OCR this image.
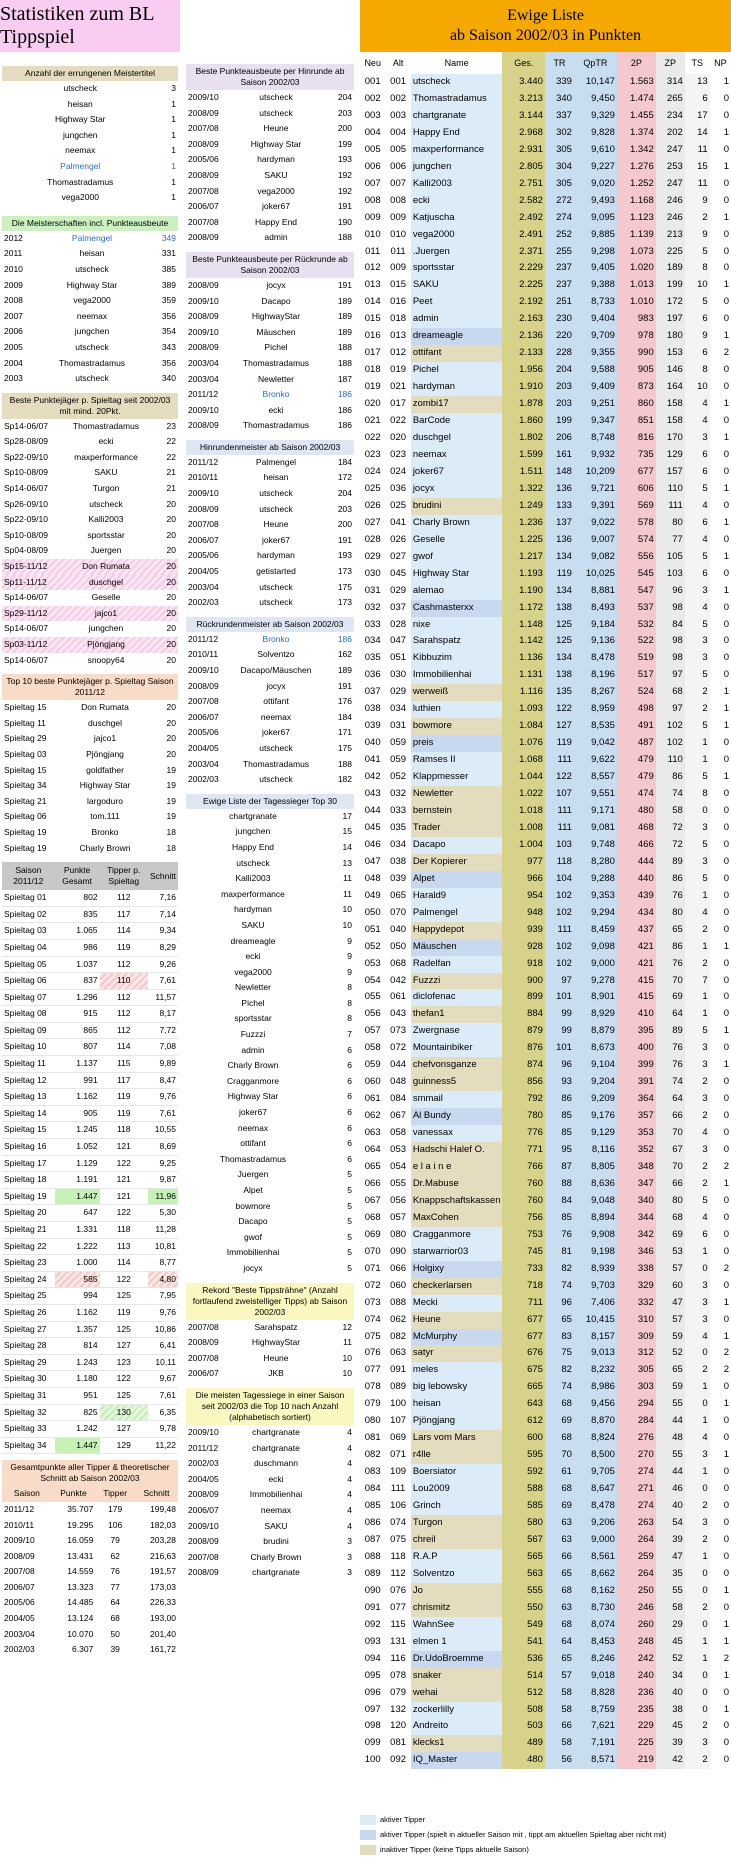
Statistiken zum BL Tippspiel
Anzahl der errungenen Meistertitel
utscheck	3
heisan	1
Highway Star	1
jungchen	1
neemax	1
Palmengel	1
Thomastradamus	1
vega2000	1
Die Meisterschaften incl. Punkteausbeute
2012	Palmengel	349
2011	heisan	331
2010	utscheck	385
2009	Highway Star	389
2008	vega2000	359
2007	neemax	356
2006	jungchen	354
2005	utscheck	343
2004	Thomastradamus	356
2003	utscheck	340
Beste Punktejäger p. Spieltag seit 2002/03 mit mind. 20Pkt.
Sp14-06/07	Thomastradamus	23
Sp28-08/09	ecki	22
Sp22-09/10	maxperformance	22
Sp10-08/09	SAKU	21
Sp14-06/07	Turgon	21
Sp26-09/10	utscheck	20
Sp22-09/10	Kalli2003	20
Sp10-08/09	sportsstar	20
Sp04-08/09	Juergen	20
Sp15-11/12	Don Rumata	20
Sp11-11/12	duschgel	20
Sp14-06/07	Geselle	20
Sp29-11/12	jajco1	20
Sp14-06/07	jungchen	20
Sp03-11/12	Pjöngjang	20
Sp14-06/07	snoopy64	20
Top 10 beste Punktejäger p. Spieltag Saison 2011/12
Spieltag 15	Don Rumata	20
Spieltag 11	duschgel	20
Spieltag 29	jajco1	20
Spieltag 03	Pjöngjang	20
Spieltag 15	goldfather	19
Spieltag 34	Highway Star	19
Spieltag 21	largoduro	19
Spieltag 06	tom.111	19
Spieltag 19	Bronko	18
Spieltag 19	Charly Brown	18
Saison 2011/12	Punkte Gesamt	Tipper p. Spieltag	Schnitt
Spieltag 01	802	112	7,16
Spieltag 02	835	117	7,14
Spieltag 03	1.065	114	9,34
Spieltag 04	986	119	8,29
Spieltag 05	1.037	112	9,26
Spieltag 06	837	110	7,61
Spieltag 07	1.296	112	11,57
Spieltag 08	915	112	8,17
Spieltag 09	865	112	7,72
Spieltag 10	807	114	7,08
Spieltag 11	1.137	115	9,89
Spieltag 12	991	117	8,47
Spieltag 13	1.162	119	9,76
Spieltag 14	905	119	7,61
Spieltag 15	1.245	118	10,55
Spieltag 16	1.052	121	8,69
Spieltag 17	1.129	122	9,25
Spieltag 18	1.191	121	9,87
Spieltag 19	1.447	121	11,96
Spieltag 20	647	122	5,30
Spieltag 21	1.331	118	11,28
Spieltag 22	1.222	113	10,81
Spieltag 23	1.000	114	8,77
Spieltag 24	585	122	4,80
Spieltag 25	994	125	7,95
Spieltag 26	1.162	119	9,76
Spieltag 27	1.357	125	10,86
Spieltag 28	814	127	6,41
Spieltag 29	1.243	123	10,11
Spieltag 30	1.180	122	9,67
Spieltag 31	951	125	7,61
Spieltag 32	825	130	6,35
Spieltag 33	1.242	127	9,78
Spieltag 34	1.447	129	11,22
Gesamtpunkte aller Tipper & theoretischer Schnitt ab Saison 2002/03
Saison	Punkte	Tipper	Schnitt
2011/12	35.707	179	199,48
2010/11	19.295	106	182,03
2009/10	16.059	79	203,28
2008/09	13.431	62	216,63
2007/08	14.559	76	191,57
2006/07	13.323	77	173,03
2005/06	14.485	64	226,33
2004/05	13.124	68	193,00
2003/04	10.070	50	201,40
2002/03	6.307	39	161,72
Beste Punkteausbeute per Hinrunde ab Saison 2002/03
2009/10	utscheck	204
2008/09	utscheck	203
2007/08	Heune	200
2008/09	Highway Star	199
2005/06	hardyman	193
2008/09	SAKU	192
2007/08	vega2000	192
2006/07	joker67	191
2007/08	Happy End	190
2008/09	admin	188
Beste Punkteausbeute per Rückrunde ab Saison 2002/03
2008/09	jocyx	191
2009/10	Dacapo	189
2008/09	HighwayStar	189
2009/10	Mäuschen	189
2008/09	Pichel	188
2003/04	Thomastradamus	188
2003/04	Newletter	187
2011/12	Bronko	186
2009/10	ecki	186
2008/09	Thomastradamus	186
Hinrundenmeister ab Saison 2002/03
2011/12	Palmengel	184
2010/11	heisan	172
2009/10	utscheck	204
2008/09	utscheck	203
2007/08	Heune	200
2006/07	joker67	191
2005/06	hardyman	193
2004/05	getistarted	173
2003/04	utscheck	175
2002/03	utscheck	173
Rückrundenmeister ab Saison 2002/03
2011/12	Bronko	186
2010/11	Solventzo	162
2009/10	Dacapo/Mäuschen	189
2008/09	jocyx	191
2007/08	ottifant	176
2006/07	neemax	184
2005/06	joker67	171
2004/05	utscheck	175
2003/04	Thomastradamus	188
2002/03	utscheck	182
Ewige Liste der Tagessieger Top 30
chartgranate	17
jungchen	15
Happy End	14
utscheck	13
Kalli2003	11
maxperformance	11
hardyman	10
SAKU	10
dreameagle	9
ecki	9
vega2000	9
Newletter	8
Pichel	8
sportsstar	8
Fuzzzi	7
admin	6
Charly Brown	6
Cragganmore	6
Highway Star	6
joker67	6
neemax	6
ottifant	6
Thomastradamus	6
Juergen	5
Alpet	5
bowmore	5
Dacapo	5
gwof	5
Immobilienhai	5
jocyx	5
Rekord "Beste Tippsträhne" (Anzahl fortlaufend zweistelliger Tipps) ab Saison 2002/03
2007/08	Sarahspatz	12
2008/09	HighwayStar	11
2007/08	Heune	10
2006/07	JKB	10
Die meisten Tagessiege in einer Saison seit 2002/03 die Top 10 nach Anzahl (alphabetisch sortiert)
2009/10	chartgranate	4
2011/12	chartgranate	4
2002/03	duschmann	4
2004/05	ecki	4
2008/09	Immobilienhai	4
2006/07	neemax	4
2009/10	SAKU	4
2008/09	brudini	3
2007/08	Charly Brown	3
2008/09	chartgranate	3
Ewige Liste
ab Saison 2002/03 in Punkten
Neu	Alt	Name	Ges.	TR	QpTR	2P	ZP	TS	NP
001	001	utscheck	3.440	339	10,147	1.563	314	13	1
002	002	Thomastradamus	3.213	340	9,450	1.474	265	6	0
003	003	chartgranate	3.144	337	9,329	1.455	234	17	0
004	004	Happy End	2.968	302	9,828	1.374	202	14	1
005	005	maxperformance	2.931	305	9,610	1.342	247	11	0
006	006	jungchen	2.805	304	9,227	1.276	253	15	1
007	007	Kalli2003	2.751	305	9,020	1.252	247	11	0
008	008	ecki	2.582	272	9,493	1.168	246	9	0
009	009	Katjuscha	2.492	274	9,095	1.123	246	2	1
010	010	vega2000	2.491	252	9,885	1.139	213	9	0
011	011	.Juergen	2.371	255	9,298	1.073	225	5	0
012	009	sportsstar	2.229	237	9,405	1.020	189	8	0
013	015	SAKU	2.225	237	9,388	1.013	199	10	1
014	016	Peet	2.192	251	8,733	1.010	172	5	0
015	018	admin	2.163	230	9,404	983	197	6	0
016	013	dreameagle	2.136	220	9,709	978	180	9	1
017	012	ottifant	2.133	228	9,355	990	153	6	2
018	019	Pichel	1.956	204	9,588	905	146	8	0
019	021	hardyman	1.910	203	9,409	873	164	10	0
020	017	zombi17	1.878	203	9,251	860	158	4	1
021	022	BarCode	1.860	199	9,347	851	158	4	0
022	020	duschgel	1.802	206	8,748	816	170	3	1
023	023	neemax	1.599	161	9,932	735	129	6	0
024	024	joker67	1.511	148	10,209	677	157	6	0
025	036	jocyx	1.322	136	9,721	606	110	5	1
026	025	brudini	1.249	133	9,391	569	111	4	0
027	041	Charly Brown	1.236	137	9,022	578	80	6	1
028	026	Geselle	1.225	136	9,007	574	77	4	0
029	027	gwof	1.217	134	9,082	556	105	5	1
030	045	Highway Star	1.193	119	10,025	545	103	6	0
031	029	alemao	1.190	134	8,881	547	96	3	1
032	037	Cashmasterxx	1.172	138	8,493	537	98	4	0
033	028	nixe	1.148	125	9,184	532	84	5	0
034	047	Sarahspatz	1.142	125	9,136	522	98	3	0
035	051	Kibbuzim	1.136	134	8,478	519	98	3	0
036	030	Immobilienhai	1.131	138	8,196	517	97	5	0
037	029	werweiß	1.116	135	8,267	524	68	2	1
038	034	luthien	1.093	122	8,959	498	97	2	1
039	031	bowmore	1.084	127	8,535	491	102	5	1
040	059	preis	1.076	119	9,042	487	102	1	0
041	059	Ramses II	1.068	111	9,622	479	110	1	0
042	052	Klappmesser	1.044	122	8,557	479	86	5	1
043	032	Newletter	1.022	107	9,551	474	74	8	0
044	033	bernstein	1.018	111	9,171	480	58	0	0
045	035	Trader	1.008	111	9,081	468	72	3	0
046	034	Dacapo	1.004	103	9,748	466	72	5	0
047	038	Der Kopierer	977	118	8,280	444	89	3	0
048	039	Alpet	966	104	9,288	440	86	5	0
049	065	Harald9	954	102	9,353	439	76	1	0
050	070	Palmengel	948	102	9,294	434	80	4	0
051	040	Happydepot	939	111	8,459	437	65	2	0
052	050	Mäuschen	928	102	9,098	421	86	1	1
053	068	Radelfan	918	102	9,000	421	76	2	0
054	042	Fuzzzi	900	97	9,278	415	70	7	0
055	061	diclofenac	899	101	8,901	415	69	1	0
056	043	thefan1	884	99	8,929	410	64	1	0
057	073	Zwergnase	879	99	8,879	395	89	5	1
058	072	Mountainbiker	876	101	8,673	400	76	3	0
059	044	chefvonsganze	874	96	9,104	399	76	3	1
060	048	guinness5	856	93	9,204	391	74	2	0
061	084	smmail	792	86	9,209	364	64	3	0
062	067	Al Bundy	780	85	9,176	357	66	2	0
063	058	vanessax	776	85	9,129	353	70	4	0
064	053	Hadschi Halef O.	771	95	8,116	352	67	3	0
065	054	e l a i n e	766	87	8,805	348	70	2	2
066	055	Dr.Mabuse	760	88	8,636	347	66	2	1
067	056	Knappschaftskassen	760	84	9,048	340	80	5	0
068	057	MaxCohen	756	85	8,894	344	68	4	0
069	080	Cragganmore	753	76	9,908	342	69	6	0
070	090	starwarrior03	745	81	9,198	346	53	1	0
071	066	Holgixy	733	82	8,939	338	57	0	2
072	060	checkerlarsen	718	74	9,703	329	60	3	0
073	088	Mecki	711	96	7,406	332	47	3	1
074	062	Heune	677	65	10,415	310	57	3	0
075	082	McMurphy	677	83	8,157	309	59	4	1
076	063	satyr	676	75	9,013	312	52	0	2
077	091	meles	675	82	8,232	305	65	2	2
078	089	big lebowsky	665	74	8,986	303	59	1	0
079	100	heisan	643	68	9,456	294	55	0	1
080	107	Pjöngjang	612	69	8,870	284	44	1	0
081	069	Lars vom Mars	600	68	8,824	276	48	4	0
082	071	r4lle	595	70	8,500	270	55	3	1
083	109	Boersiator	592	61	9,705	274	44	1	0
084	111	Lou2009	588	68	8,647	271	46	0	0
085	106	Grinch	585	69	8,478	274	40	2	0
086	074	Turgon	580	63	9,206	263	54	3	0
087	075	chreil	567	63	9,000	264	39	2	0
088	118	R.A.P	565	66	8,561	259	47	1	0
089	112	Solventzo	563	65	8,662	264	35	0	0
090	076	Jo	555	68	8,162	250	55	0	1
091	077	chrismitz	550	63	8,730	246	58	2	0
092	115	WahnSee	549	68	8,074	260	29	0	1
093	131	elmen 1	541	64	8,453	248	45	1	1
094	116	Dr.UdoBroemme	536	65	8,246	242	52	1	2
095	078	snaker	514	57	9,018	240	34	0	1
096	079	wehai	512	58	8,828	236	40	0	0
097	132	zockerlilly	508	58	8,759	235	38	0	1
098	120	Andreito	503	66	7,621	229	45	2	0
099	081	klecks1	489	58	7,191	225	39	3	0
100	092	IQ_Master	480	56	8,571	219	42	2	0
aktiver Tipper
aktiver Tipper (spielt in aktueller Saison mit , tippt am aktuellen Spieltag aber nicht mit)
inaktiver Tipper (keine Tipps aktuelle Saison)
